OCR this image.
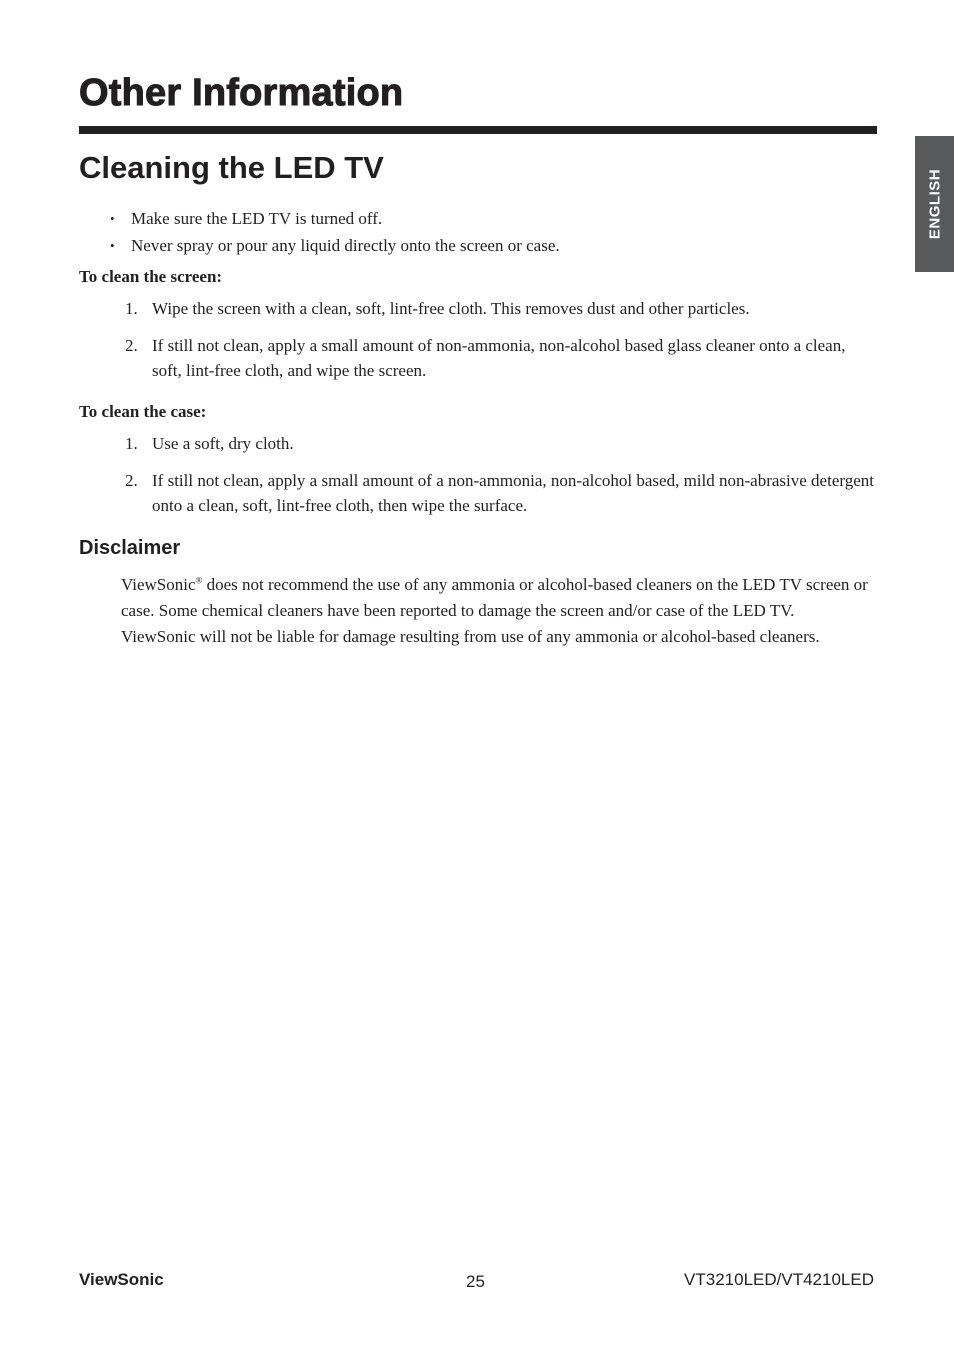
Other Information
ENGLISH
Cleaning the LED TV
• Make sure the LED TV is turned off.
• Never spray or pour any liquid directly onto the screen or case.
To clean the screen:
1. Wipe the screen with a clean, soft, lint-free cloth. This removes dust and other particles.
2. If still not clean, apply a small amount of non-ammonia, non-alcohol based glass cleaner onto a clean, soft, lint-free cloth, and wipe the screen.
To clean the case:
1. Use a soft, dry cloth.
2. If still not clean, apply a small amount of a non-ammonia, non-alcohol based, mild non-abrasive detergent onto a clean, soft, lint-free cloth, then wipe the surface.
Disclaimer

ViewSonic® does not recommend the use of any ammonia or alcohol-based cleaners on the LED TV screen or case. Some chemical cleaners have been reported to damage the screen and/or case of the LED TV. ViewSonic will not be liable for damage resulting from use of any ammonia or alcohol-based cleaners.

ViewSonic	25	VT3210LED/VT4210LED
